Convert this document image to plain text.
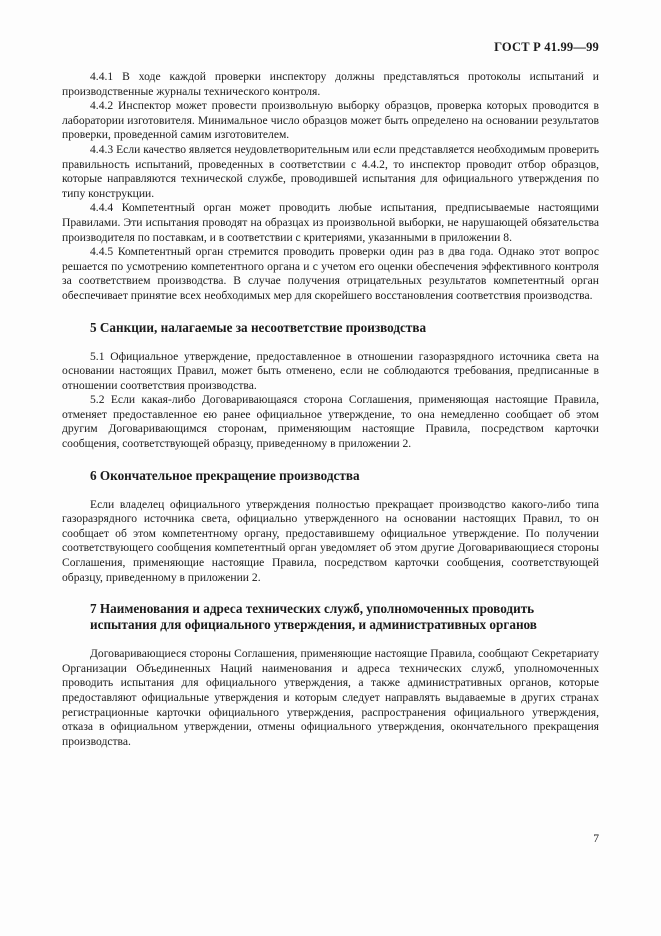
ГОСТ Р 41.99—99

4.4.1 В ходе каждой проверки инспектору должны представляться протоколы испытаний и производственные журналы технического контроля.

4.4.2 Инспектор может провести произвольную выборку образцов, проверка которых проводится в лаборатории изготовителя. Минимальное число образцов может быть определено на основании результатов проверки, проведенной самим изготовителем.

4.4.3 Если качество является неудовлетворительным или если представляется необходимым проверить правильность испытаний, проведенных в соответствии с 4.4.2, то инспектор проводит отбор образцов, которые направляются технической службе, проводившей испытания для официального утверждения по типу конструкции.

4.4.4 Компетентный орган может проводить любые испытания, предписываемые настоящими Правилами. Эти испытания проводят на образцах из произвольной выборки, не нарушающей обязательства производителя по поставкам, и в соответствии с критериями, указанными в приложении 8.

4.4.5 Компетентный орган стремится проводить проверки один раз в два года. Однако этот вопрос решается по усмотрению компетентного органа и с учетом его оценки обеспечения эффективного контроля за соответствием производства. В случае получения отрицательных результатов компетентный орган обеспечивает принятие всех необходимых мер для скорейшего восстановления соответствия производства.

5 Санкции, налагаемые за несоответствие производства

5.1 Официальное утверждение, предоставленное в отношении газоразрядного источника света на основании настоящих Правил, может быть отменено, если не соблюдаются требования, предписанные в отношении соответствия производства.

5.2 Если какая-либо Договаривающаяся сторона Соглашения, применяющая настоящие Правила, отменяет предоставленное ею ранее официальное утверждение, то она немедленно сообщает об этом другим Договаривающимся сторонам, применяющим настоящие Правила, посредством карточки сообщения, соответствующей образцу, приведенному в приложении 2.

6 Окончательное прекращение производства

Если владелец официального утверждения полностью прекращает производство какого-либо типа газоразрядного источника света, официально утвержденного на основании настоящих Правил, то он сообщает об этом компетентному органу, предоставившему официальное утверждение. По получении соответствующего сообщения компетентный орган уведомляет об этом другие Договаривающиеся стороны Соглашения, применяющие настоящие Правила, посредством карточки сообщения, соответствующей образцу, приведенному в приложении 2.

7 Наименования и адреса технических служб, уполномоченных проводить
испытания для официального утверждения, и административных органов

Договаривающиеся стороны Соглашения, применяющие настоящие Правила, сообщают Секретариату Организации Объединенных Наций наименования и адреса технических служб, уполномоченных проводить испытания для официального утверждения, а также административных органов, которые предоставляют официальные утверждения и которым следует направлять выдаваемые в других странах регистрационные карточки официального утверждения, распространения официального утверждения, отказа в официальном утверждении, отмены официального утверждения, окончательного прекращения производства.

7
